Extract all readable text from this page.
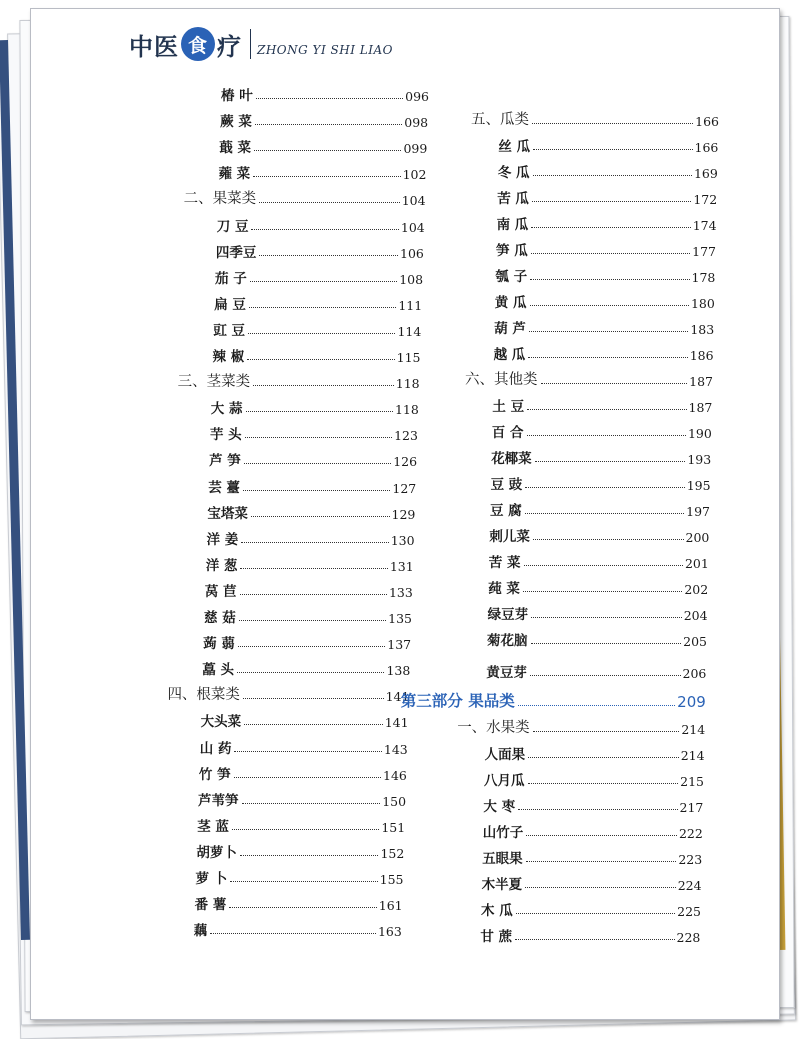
中医 食 疗 ZHONG YI SHI LIAO
椿 叶	096
蕨 菜	098
蕺 菜	099
蕹 菜	102
二、果菜类	104
刀 豆	104
四季豆	106
茄 子	108
扁 豆	111
豇 豆	114
辣 椒	115
三、茎菜类	118
大 蒜	118
芋 头	123
芦 笋	126
芸 薹	127
宝塔菜	129
洋 姜	130
洋 葱	131
莴 苣	133
慈 菇	135
蒟 蒻	137
藠 头	138
四、根菜类	141
大头菜	141
山 药	143
竹 笋	146
芦苇笋	150
茎 蓝	151
胡萝卜	152
萝 卜	155
番 薯	161
藕	163
五、瓜类	166
丝 瓜	166
冬 瓜	169
苦 瓜	172
南 瓜	174
笋 瓜	177
瓠 子	178
黄 瓜	180
葫 芦	183
越 瓜	186
六、其他类	187
土 豆	187
百 合	190
花椰菜	193
豆 豉	195
豆 腐	197
刺儿菜	200
苦 菜	201
莼 菜	202
绿豆芽	204
菊花脑	205
黄豆芽	206
第三部分 果品类	209
一、水果类	214
人面果	214
八月瓜	215
大 枣	217
山竹子	222
五眼果	223
木半夏	224
木 瓜	225
甘 蔗	228
